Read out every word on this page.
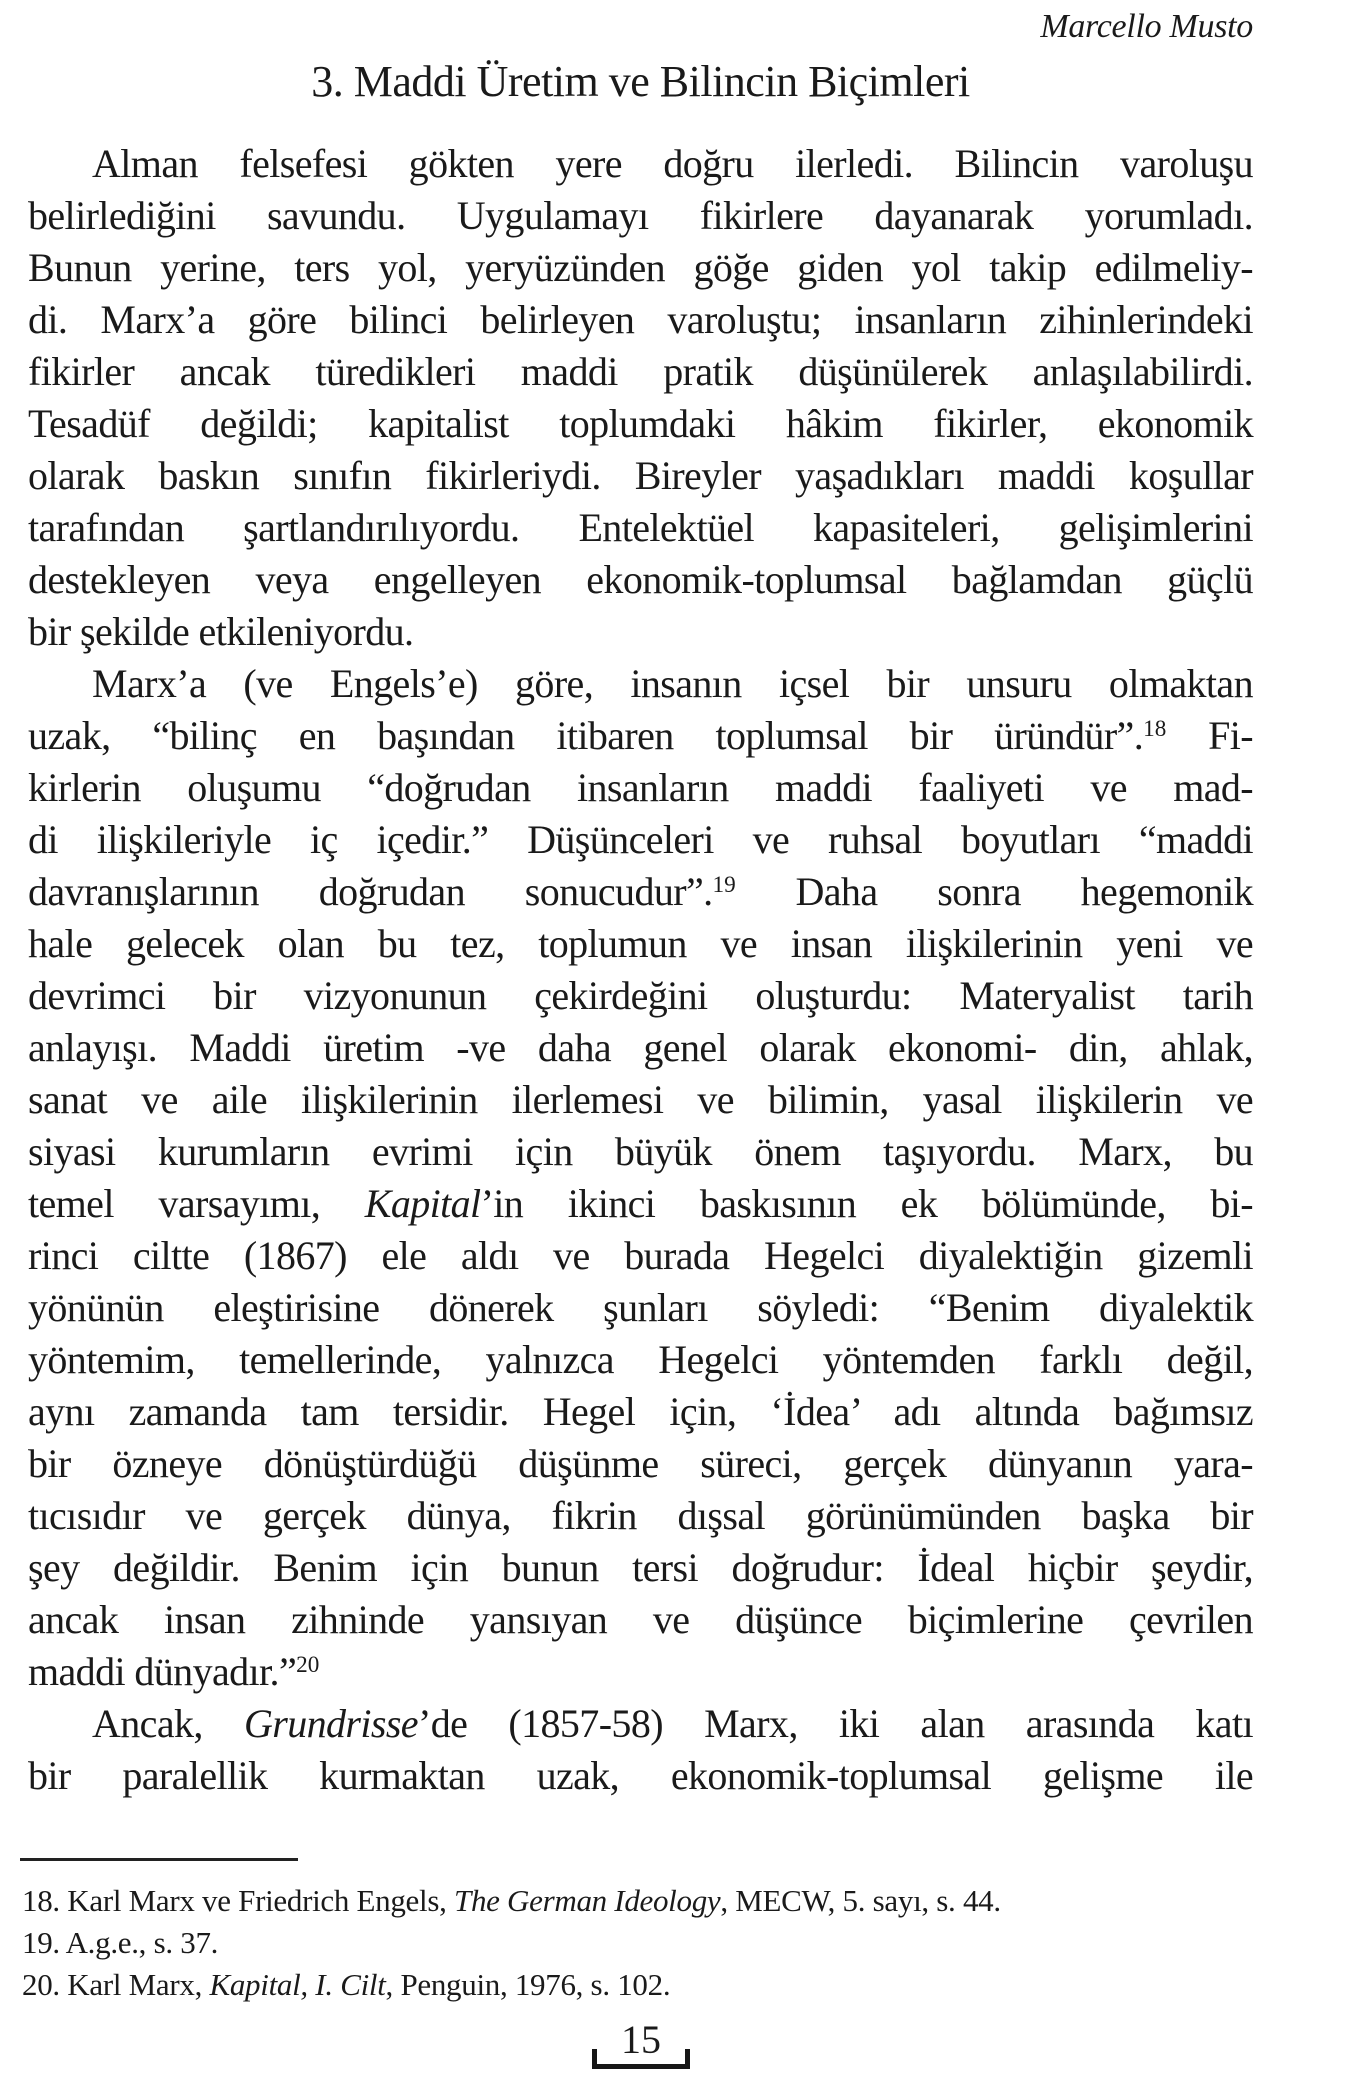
Marcello Musto
3. Maddi Üretim ve Bilincin Biçimleri
Alman felsefesi gökten yere doğru ilerledi. Bilincin varoluşu
belirlediğini savundu. Uygulamayı fikirlere dayanarak yorumladı.
Bunun yerine, ters yol, yeryüzünden göğe giden yol takip edilmeliy-
di. Marx’a göre bilinci belirleyen varoluştu; insanların zihinlerindeki
fikirler ancak türedikleri maddi pratik düşünülerek anlaşılabilirdi.
Tesadüf değildi; kapitalist toplumdaki hâkim fikirler, ekonomik
olarak baskın sınıfın fikirleriydi. Bireyler yaşadıkları maddi koşullar
tarafından şartlandırılıyordu. Entelektüel kapasiteleri, gelişimlerini
destekleyen veya engelleyen ekonomik-toplumsal bağlamdan güçlü
bir şekilde etkileniyordu.
Marx’a (ve Engels’e) göre, insanın içsel bir unsuru olmaktan
uzak, “bilinç en başından itibaren toplumsal bir üründür”.$^{18}$ Fi-
kirlerin oluşumu “doğrudan insanların maddi faaliyeti ve mad-
di ilişkileriyle iç içedir.” Düşünceleri ve ruhsal boyutları “maddi
davranışlarının doğrudan sonucudur”.$^{19}$ Daha sonra hegemonik
hale gelecek olan bu tez, toplumun ve insan ilişkilerinin yeni ve
devrimci bir vizyonunun çekirdeğini oluşturdu: Materyalist tarih
anlayışı. Maddi üretim -ve daha genel olarak ekonomi- din, ahlak,
sanat ve aile ilişkilerinin ilerlemesi ve bilimin, yasal ilişkilerin ve
siyasi kurumların evrimi için büyük önem taşıyordu. Marx, bu
temel varsayımı, Kapital’in ikinci baskısının ek bölümünde, bi-
rinci ciltte (1867) ele aldı ve burada Hegelci diyalektiğin gizemli
yönünün eleştirisine dönerek şunları söyledi: “Benim diyalektik
yöntemim, temellerinde, yalnızca Hegelci yöntemden farklı değil,
aynı zamanda tam tersidir. Hegel için, ‘İdea’ adı altında bağımsız
bir özneye dönüştürdüğü düşünme süreci, gerçek dünyanın yara-
tıcısıdır ve gerçek dünya, fikrin dışsal görünümünden başka bir
şey değildir. Benim için bunun tersi doğrudur: İdeal hiçbir şeydir,
ancak insan zihninde yansıyan ve düşünce biçimlerine çevrilen
maddi dünyadır.”$^{20}$
Ancak, Grundrisse’de (1857-58) Marx, iki alan arasında katı
bir paralellik kurmaktan uzak, ekonomik-toplumsal gelişme ile
18. Karl Marx ve Friedrich Engels, The German Ideology, MECW, 5. sayı, s. 44.
19. A.g.e., s. 37.
20. Karl Marx, Kapital, I. Cilt, Penguin, 1976, s. 102.
15
